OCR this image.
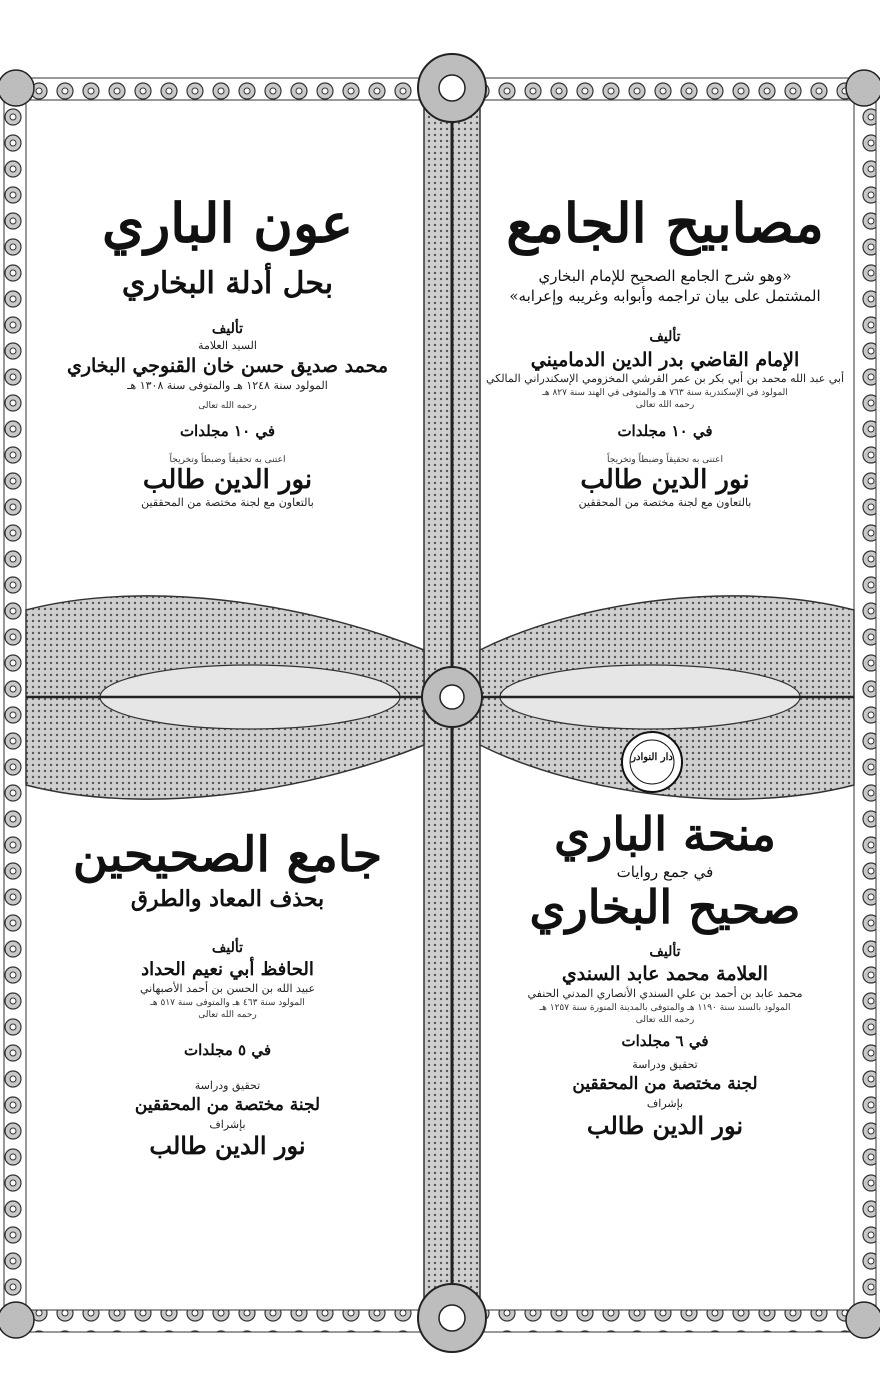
دار النوادر
مصابيح الجامع
«وهو شرح الجامع الصحيح للإمام البخاري
المشتمل على بيان تراجمه وأبوابه وغريبه وإعرابه»
تأليف
الإمام القاضي بدر الدين الدماميني
أبي عبد الله محمد بن أبي بكر بن عمر القرشي المخزومي الإسكندراني المالكي
المولود في الإسكندرية سنة ٧٦٣ هـ والمتوفى في الهند سنة ٨٢٧ هـ
رحمه الله تعالى
في ١٠ مجلدات
اعتنى به تحقيقاً وضبطاً وتخريجاً
نور الدين طالب
بالتعاون مع لجنة مختصة من المحققين
عون الباري
بحل أدلة البخاري
تأليف
السيد العلامة
محمد صديق حسن خان القنوجي البخاري
المولود سنة ١٢٤٨ هـ والمتوفى سنة ١٣٠٨ هـ
رحمه الله تعالى
في ١٠ مجلدات
اعتنى به تحقيقاً وضبطاً وتخريجاً
نور الدين طالب
بالتعاون مع لجنة مختصة من المحققين
منحة الباري
في جمع روايات
صحيح البخاري
تأليف
العلامة محمد عابد السندي
محمد عابد بن أحمد بن علي السندي الأنصاري المدني الحنفي
المولود بالسند سنة ١١٩٠ هـ والمتوفى بالمدينة المنورة سنة ١٢٥٧ هـ
رحمه الله تعالى
في ٦ مجلدات
تحقيق ودراسة
لجنة مختصة من المحققين
بإشراف
نور الدين طالب
جامع الصحيحين
بحذف المعاد والطرق
تأليف
الحافظ أبي نعيم الحداد
عبيد الله بن الحسن بن أحمد الأصبهاني
المولود سنة ٤٦٣ هـ والمتوفى سنة ٥١٧ هـ
رحمه الله تعالى
في ٥ مجلدات
تحقيق ودراسة
لجنة مختصة من المحققين
بإشراف
نور الدين طالب
